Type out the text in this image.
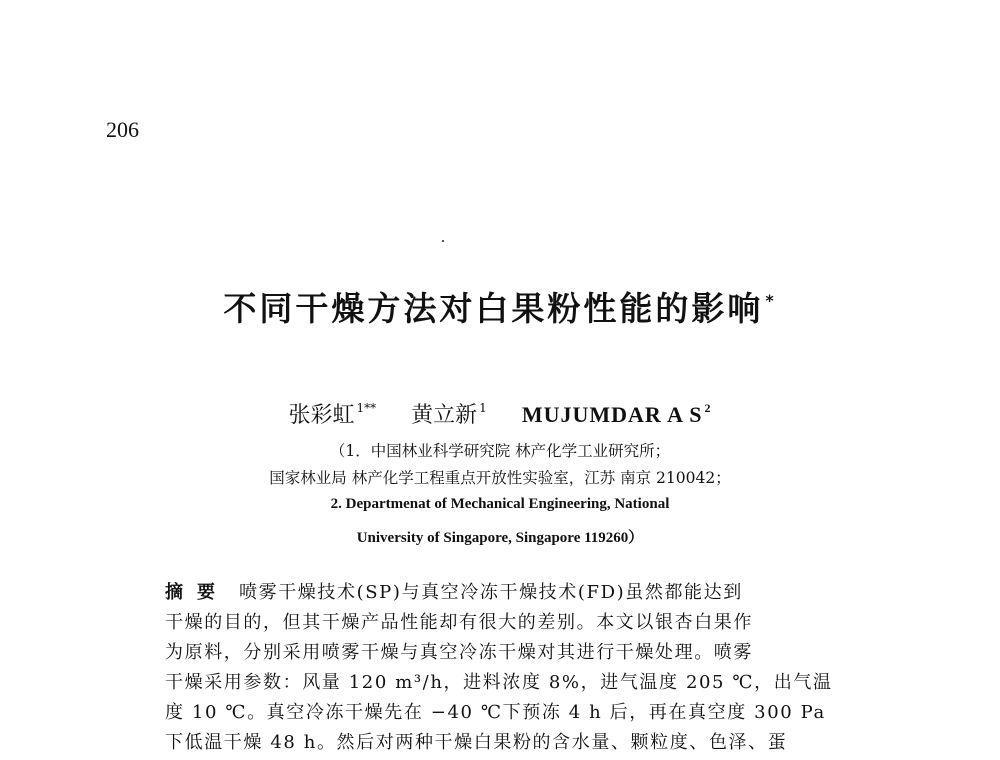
206
不同干燥方法对白果粉性能的影响 *
张彩虹 $^{1**}$ 黄立新 $^1$ MUJUMDAR A S $^2$
（1．中国林业科学研究院 林产化学工业研究所；
国家林业局 林产化学工程重点开放性实验室，江苏 南京 210042；
2. Departmenat of Mechanical Engineering, National
University of Singapore, Singapore 119260）
摘要 喷雾干燥技术(SP)与真空冷冻干燥技术(FD)虽然都能达到
干燥的目的，但其干燥产品性能却有很大的差别。本文以银杏白果作
为原料，分别采用喷雾干燥与真空冷冻干燥对其进行干燥处理。喷雾
干燥采用参数：风量 120 m³/h，进料浓度 8%，进气温度 205 ℃，出气温
度 10 ℃。真空冷冻干燥先在 −40 ℃下预冻 4 h 后，再在真空度 300 Pa
下低温干燥 48 h。然后对两种干燥白果粉的含水量、颗粒度、色泽、蛋
